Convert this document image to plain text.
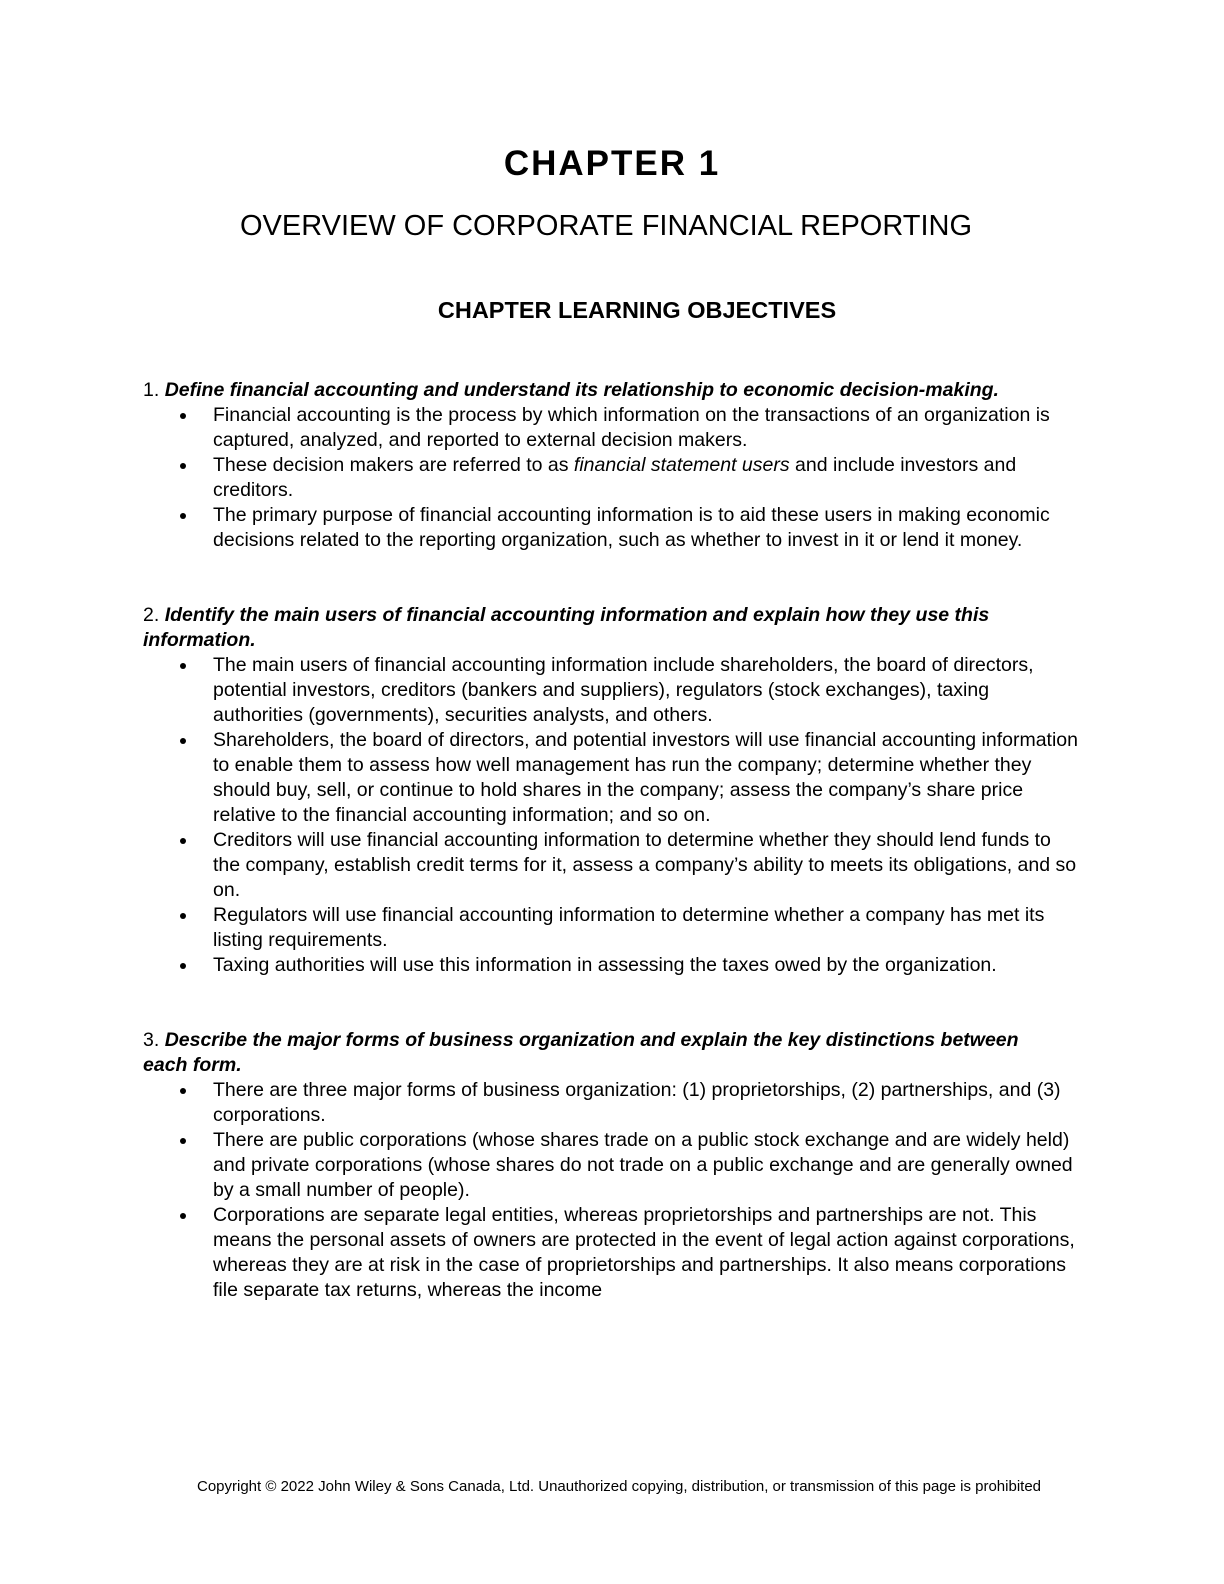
CHAPTER 1
OVERVIEW OF CORPORATE FINANCIAL REPORTING
CHAPTER LEARNING OBJECTIVES

1. Define financial accounting and understand its relationship to economic decision-making.

Financial accounting is the process by which information on the transactions of an organization is captured, analyzed, and reported to external decision makers.
These decision makers are referred to as financial statement users and include investors and creditors.
The primary purpose of financial accounting information is to aid these users in making economic decisions related to the reporting organization, such as whether to invest in it or lend it money.

2. Identify the main users of financial accounting information and explain how they use this information.

The main users of financial accounting information include shareholders, the board of directors, potential investors, creditors (bankers and suppliers), regulators (stock exchanges), taxing authorities (governments), securities analysts, and others.
Shareholders, the board of directors, and potential investors will use financial accounting information to enable them to assess how well management has run the company; determine whether they should buy, sell, or continue to hold shares in the company; assess the company’s share price relative to the financial accounting information; and so on.
Creditors will use financial accounting information to determine whether they should lend funds to the company, establish credit terms for it, assess a company’s ability to meets its obligations, and so on.
Regulators will use financial accounting information to determine whether a company has met its listing requirements.
Taxing authorities will use this information in assessing the taxes owed by the organization.

3. Describe the major forms of business organization and explain the key distinctions between each form.

There are three major forms of business organization: (1) proprietorships, (2) partnerships, and (3) corporations.
There are public corporations (whose shares trade on a public stock exchange and are widely held) and private corporations (whose shares do not trade on a public exchange and are generally owned by a small number of people).
Corporations are separate legal entities, whereas proprietorships and partnerships are not. This means the personal assets of owners are protected in the event of legal action against corporations, whereas they are at risk in the case of proprietorships and partnerships. It also means corporations file separate tax returns, whereas the income
Copyright © 2022 John Wiley & Sons Canada, Ltd. Unauthorized copying, distribution, or transmission of this page is prohibited
